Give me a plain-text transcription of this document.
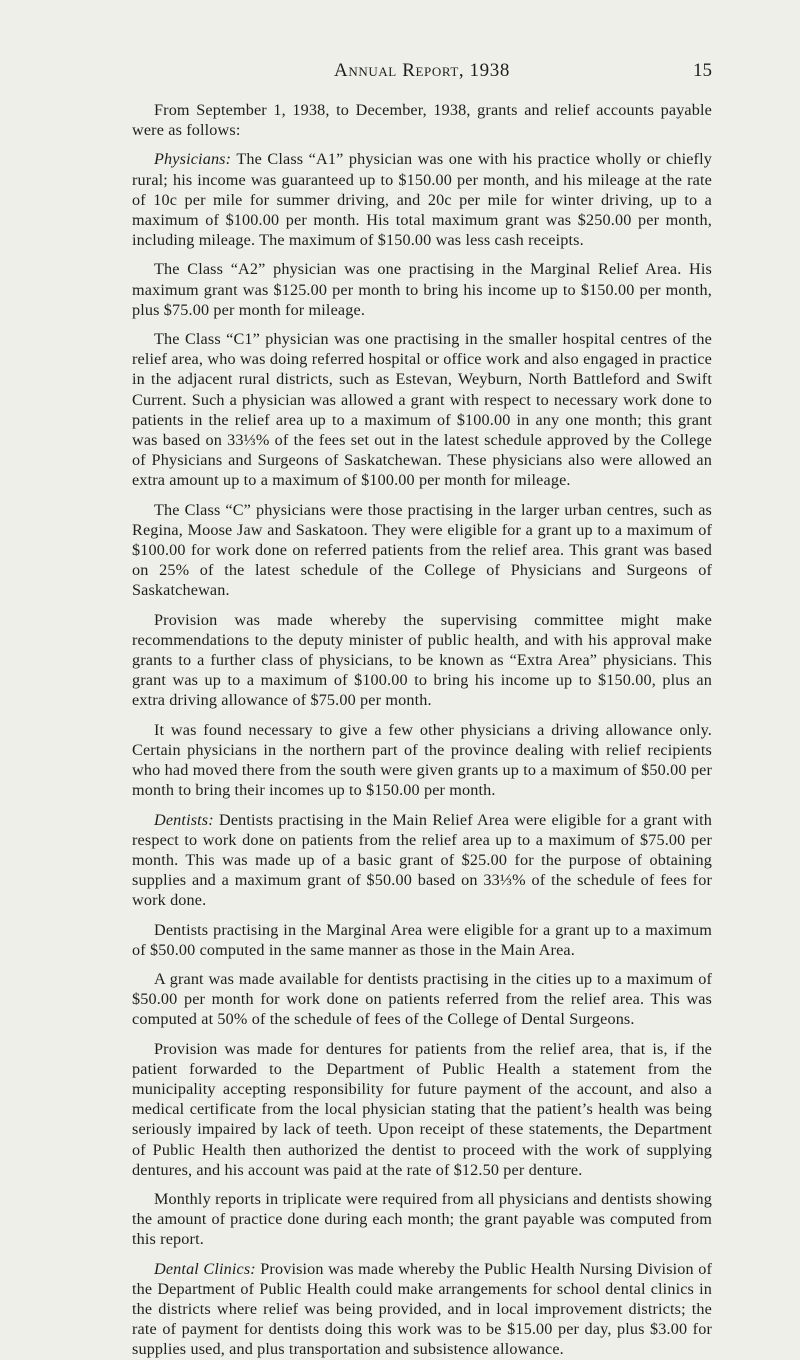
Annual Report, 1938	15

From September 1, 1938, to December, 1938, grants and relief accounts payable were as follows:

Physicians: The Class “A1” physician was one with his practice wholly or chiefly rural; his income was guaranteed up to $150.00 per month, and his mileage at the rate of 10c per mile for summer driving, and 20c per mile for winter driving, up to a maximum of $100.00 per month. His total maximum grant was $250.00 per month, including mileage. The maximum of $150.00 was less cash receipts.

The Class “A2” physician was one practising in the Marginal Relief Area. His maximum grant was $125.00 per month to bring his income up to $150.00 per month, plus $75.00 per month for mileage.

The Class “C1” physician was one practising in the smaller hospital centres of the relief area, who was doing referred hospital or office work and also engaged in practice in the adjacent rural districts, such as Estevan, Weyburn, North Battleford and Swift Current. Such a physician was allowed a grant with respect to necessary work done to patients in the relief area up to a maximum of $100.00 in any one month; this grant was based on 33⅓% of the fees set out in the latest schedule approved by the College of Physicians and Surgeons of Saskatchewan. These physicians also were allowed an extra amount up to a maximum of $100.00 per month for mileage.

The Class “C” physicians were those practising in the larger urban centres, such as Regina, Moose Jaw and Saskatoon. They were eligible for a grant up to a maximum of $100.00 for work done on referred patients from the relief area. This grant was based on 25% of the latest schedule of the College of Physicians and Surgeons of Saskatchewan.

Provision was made whereby the supervising committee might make recommendations to the deputy minister of public health, and with his approval make grants to a further class of physicians, to be known as “Extra Area” physicians. This grant was up to a maximum of $100.00 to bring his income up to $150.00, plus an extra driving allowance of $75.00 per month.

It was found necessary to give a few other physicians a driving allowance only. Certain physicians in the northern part of the province dealing with relief recipients who had moved there from the south were given grants up to a maximum of $50.00 per month to bring their incomes up to $150.00 per month.

Dentists: Dentists practising in the Main Relief Area were eligible for a grant with respect to work done on patients from the relief area up to a maximum of $75.00 per month. This was made up of a basic grant of $25.00 for the purpose of obtaining supplies and a maximum grant of $50.00 based on 33⅓% of the schedule of fees for work done.

Dentists practising in the Marginal Area were eligible for a grant up to a maximum of $50.00 computed in the same manner as those in the Main Area.

A grant was made available for dentists practising in the cities up to a maximum of $50.00 per month for work done on patients referred from the relief area. This was computed at 50% of the schedule of fees of the College of Dental Surgeons.

Provision was made for dentures for patients from the relief area, that is, if the patient forwarded to the Department of Public Health a statement from the municipality accepting responsibility for future payment of the account, and also a medical certificate from the local physician stating that the patient’s health was being seriously impaired by lack of teeth. Upon receipt of these statements, the Department of Public Health then authorized the dentist to proceed with the work of supplying dentures, and his account was paid at the rate of $12.50 per denture.

Monthly reports in triplicate were required from all physicians and dentists showing the amount of practice done during each month; the grant payable was computed from this report.

Dental Clinics: Provision was made whereby the Public Health Nursing Division of the Department of Public Health could make arrangements for school dental clinics in the districts where relief was being provided, and in local improvement districts; the rate of payment for dentists doing this work was to be $15.00 per day, plus $3.00 for supplies used, and plus transportation and subsistence allowance.
